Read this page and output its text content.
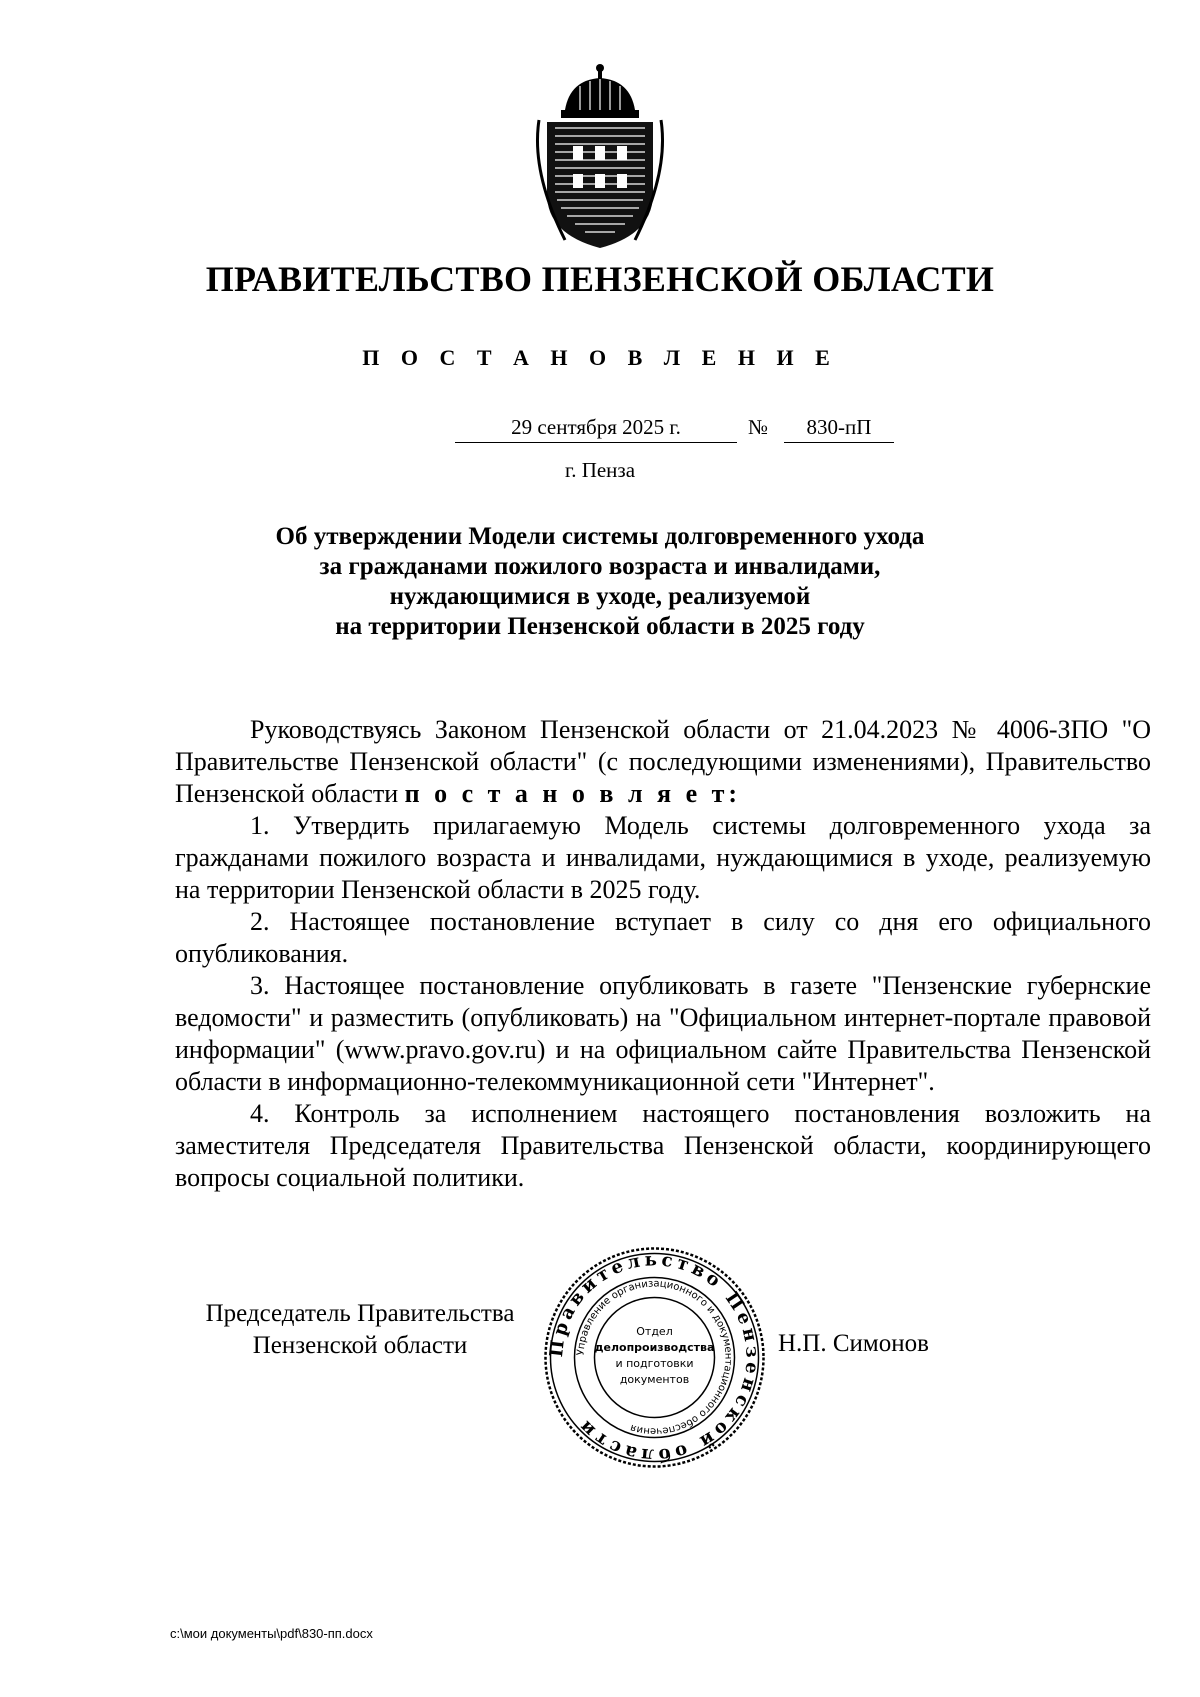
ПРАВИТЕЛЬСТВО ПЕНЗЕНСКОЙ ОБЛАСТИ
П О С Т А Н О В Л Е Н И Е
29 сентября 2025 г.	№	830-пП
г. Пенза
Об утверждении Модели системы долговременного ухода
за гражданами пожилого возраста и инвалидами,
нуждающимися в уходе, реализуемой
на территории Пензенской области в 2025 году

Руководствуясь Законом Пензенской области от 21.04.2023 № 4006-ЗПО "О Правительстве Пензенской области" (с последующими изменениями), Правительство Пензенской области п о с т а н о в л я е т:

1. Утвердить прилагаемую Модель системы долговременного ухода за гражданами пожилого возраста и инвалидами, нуждающимися в уходе, реализуемую на территории Пензенской области в 2025 году.

2. Настоящее постановление вступает в силу со дня его официального опубликования.

3. Настоящее постановление опубликовать в газете "Пензенские губернские ведомости" и разместить (опубликовать) на "Официальном интернет-портале правовой информации" (www.pravo.gov.ru) и на официальном сайте Правительства Пензенской области в информационно-телекоммуникационной сети "Интернет".

4. Контроль за исполнением настоящего постановления возложить на заместителя Председателя Правительства Пензенской области, координирующего вопросы социальной политики.

Председатель Правительства
Пензенской области	Н.П. Симонов
Правительство Пензенской области
Управление организационного и документационного обеспечения
Отдел
делопроизводства
и подготовки
документов
c:\мои документы\pdf\830-пп.docx
